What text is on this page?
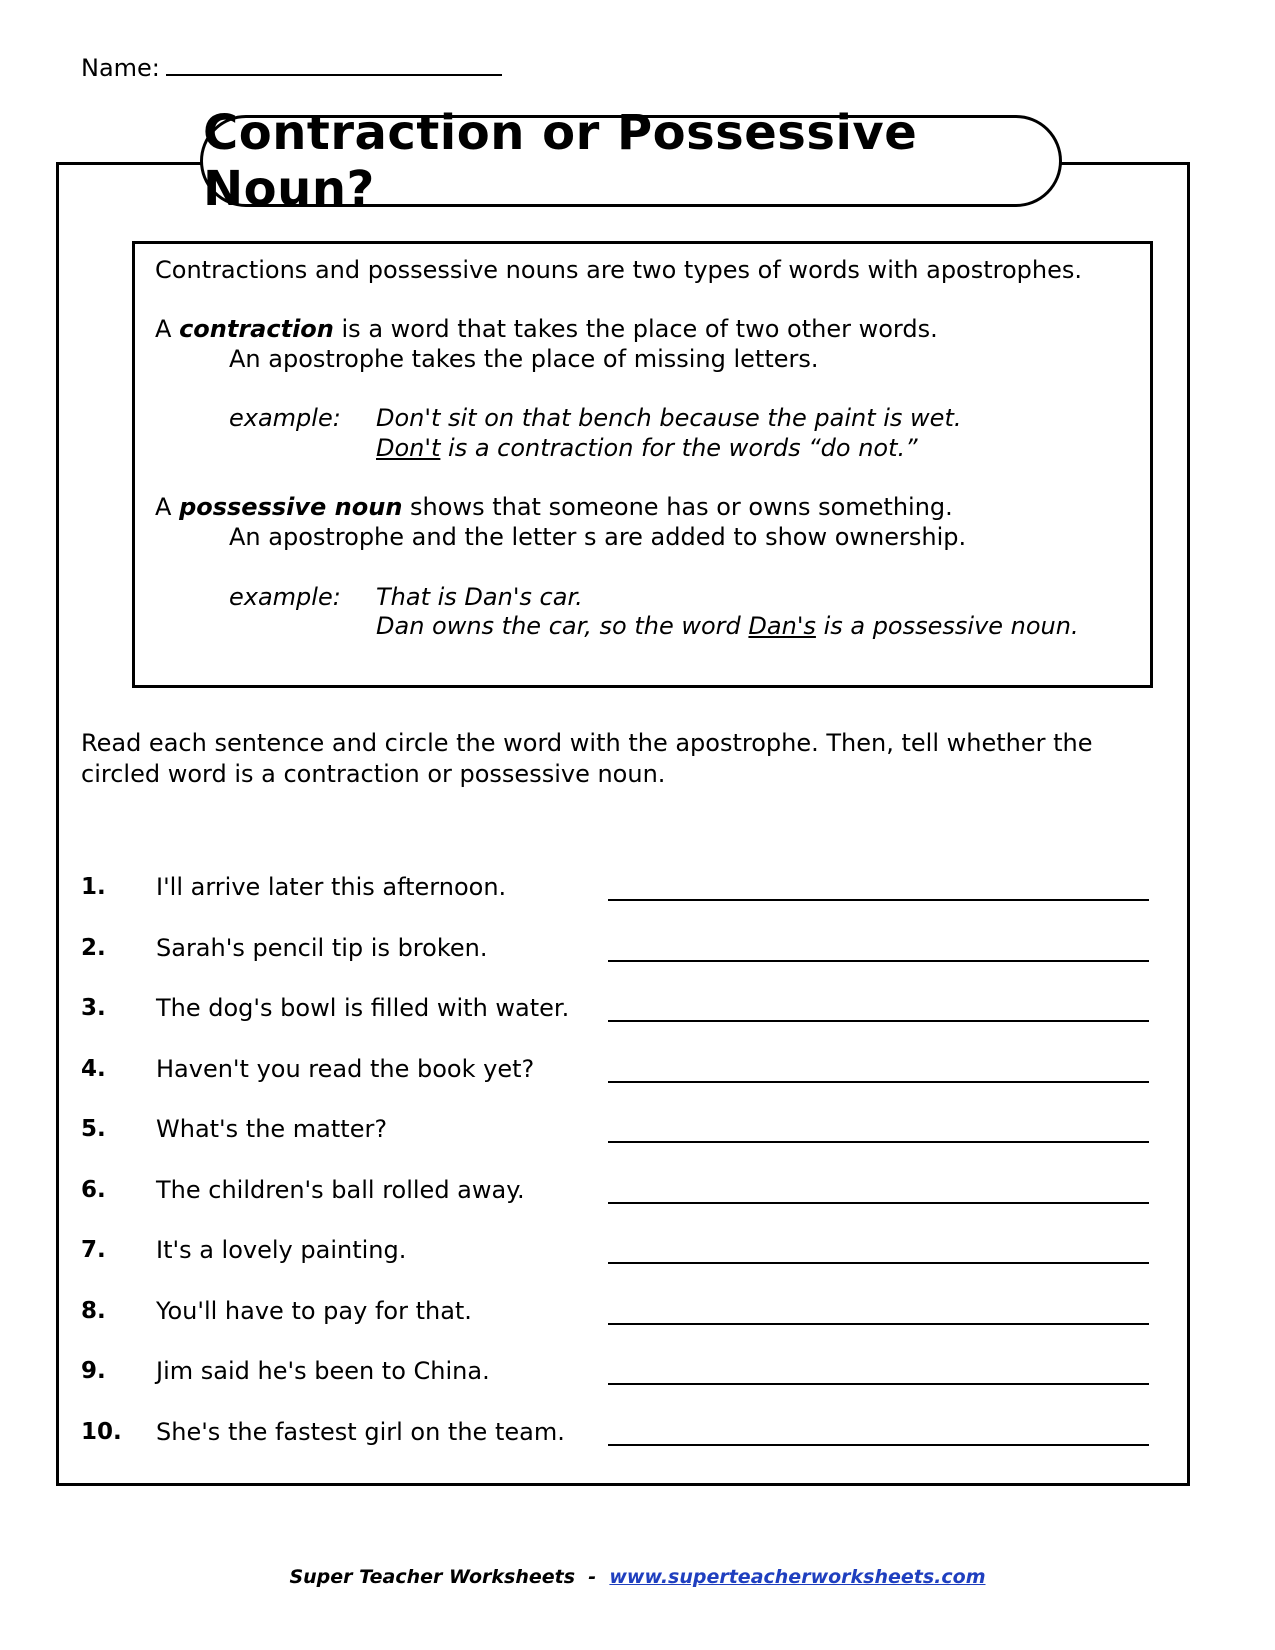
Name:
Contraction or Possessive Noun?
Contractions and possessive nouns are two types of words with apostrophes.
A contraction is a word that takes the place of two other words.
An apostrophe takes the place of missing letters.
example: Don't sit on that bench because the paint is wet.
Don't is a contraction for the words “do not.”
A possessive noun shows that someone has or owns something.
An apostrophe and the letter s are added to show ownership.
example: That is Dan's car.
Dan owns the car, so the word Dan's is a possessive noun.
Read each sentence and circle the word with the apostrophe. Then, tell whether the circled word is a contraction or possessive noun.
1. I'll arrive later this afternoon.
2. Sarah's pencil tip is broken.
3. The dog's bowl is filled with water.
4. Haven't you read the book yet?
5. What's the matter?
6. The children's ball rolled away.
7. It's a lovely painting.
8. You'll have to pay for that.
9. Jim said he's been to China.
10. She's the fastest girl on the team.
Super Teacher Worksheets - www.superteacherworksheets.com
